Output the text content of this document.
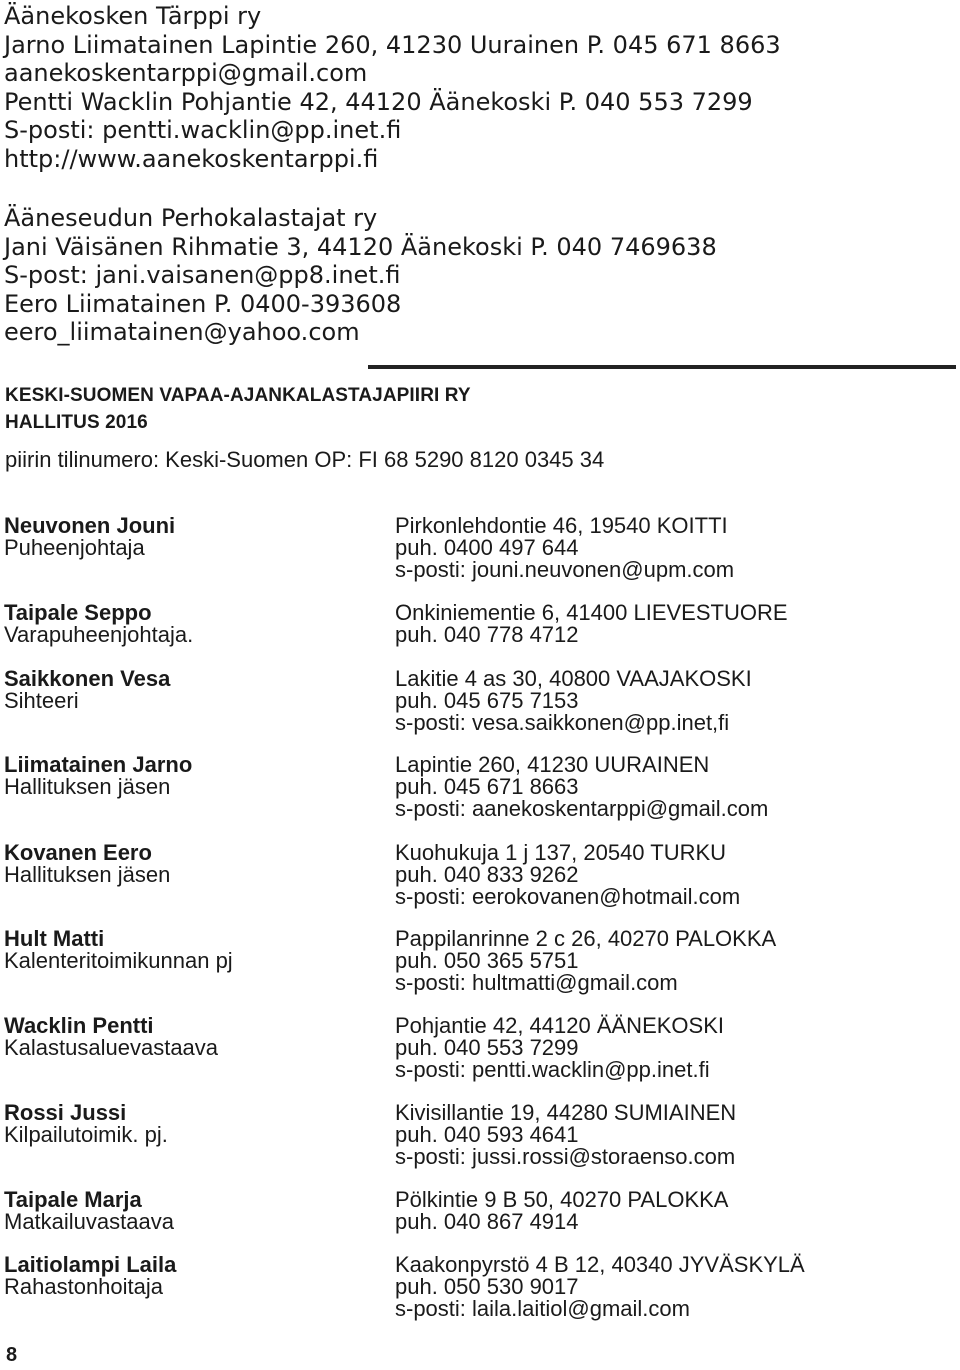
Äänekosken Tärppi ry
Jarno Liimatainen Lapintie 260, 41230 Uurainen P. 045 671 8663
aanekoskentarppi@gmail.com
Pentti Wacklin Pohjantie 42, 44120 Äänekoski P. 040 553 7299
S-posti: pentti.wacklin@pp.inet.fi
http://www.aanekoskentarppi.fi
Ääneseudun Perhokalastajat ry
Jani Väisänen Rihmatie 3, 44120 Äänekoski P. 040 7469638
S-post: jani.vaisanen@pp8.inet.fi
Eero Liimatainen P. 0400-393608
eero_liimatainen@yahoo.com
KESKI-SUOMEN VAPAA-AJANKALASTAJAPIIRI RY
HALLITUS 2016
piirin tilinumero: Keski-Suomen OP: FI 68 5290 8120 0345 34
Neuvonen Jouni
Puheenjohtaja
Pirkonlehdontie 46, 19540 KOITTI
puh. 0400 497 644
s-posti: jouni.neuvonen@upm.com
Taipale Seppo
Varapuheenjohtaja.
Onkiniementie 6, 41400 LIEVESTUORE
puh. 040 778 4712
Saikkonen Vesa
Sihteeri
Lakitie 4 as 30, 40800 VAAJAKOSKI
puh. 045 675 7153
s-posti: vesa.saikkonen@pp.inet,fi
Liimatainen Jarno
Hallituksen jäsen
Lapintie 260, 41230 UURAINEN
puh. 045 671 8663
s-posti: aanekoskentarppi@gmail.com
Kovanen Eero
Hallituksen jäsen
Kuohukuja 1 j 137, 20540 TURKU
puh. 040 833 9262
s-posti: eerokovanen@hotmail.com
Hult Matti
Kalenteritoimikunnan pj
Pappilanrinne 2 c 26, 40270 PALOKKA
puh. 050 365 5751
s-posti: hultmatti@gmail.com
Wacklin Pentti
Kalastusaluevastaava
Pohjantie 42, 44120 ÄÄNEKOSKI
puh. 040 553 7299
s-posti: pentti.wacklin@pp.inet.fi
Rossi Jussi
Kilpailutoimik. pj.
Kivisillantie 19, 44280 SUMIAINEN
puh. 040 593 4641
s-posti: jussi.rossi@storaenso.com
Taipale Marja
Matkailuvastaava
Pölkintie 9 B 50, 40270 PALOKKA
puh. 040 867 4914
Laitiolampi Laila
Rahastonhoitaja
Kaakonpyrstö 4 B 12, 40340 JYVÄSKYLÄ
puh. 050 530 9017
s-posti: laila.laitiol@gmail.com
8
